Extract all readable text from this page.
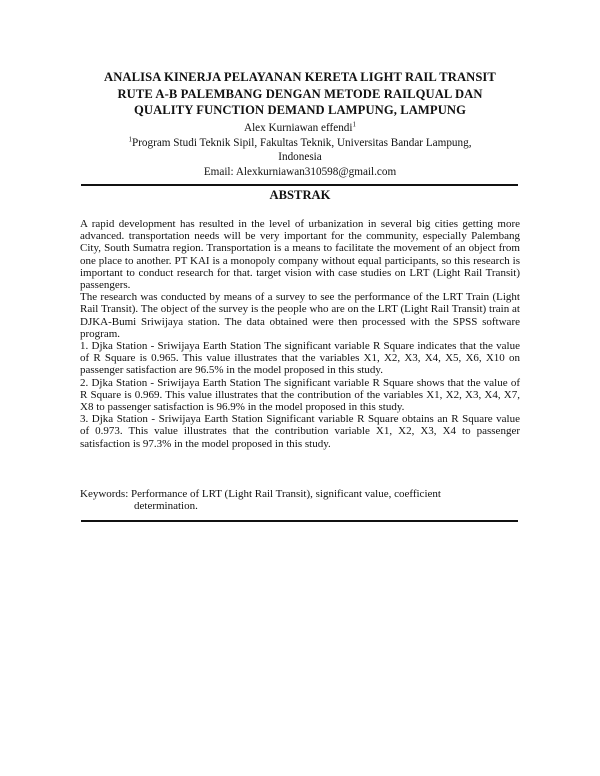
ANALISA KINERJA PELAYANAN KERETA LIGHT RAIL TRANSIT
RUTE A-B PALEMBANG DENGAN METODE RAILQUAL DAN
QUALITY FUNCTION DEMAND LAMPUNG, LAMPUNG
Alex Kurniawan effendi$^1$
$^1$Program Studi Teknik Sipil, Fakultas Teknik, Universitas Bandar Lampung,
Indonesia
Email: Alexkurniawan310598@gmail.com
ABSTRAK

A rapid development has resulted in the level of urbanization in several big cities getting more advanced. transportation needs will be very important for the community, especially Palembang City, South Sumatra region. Transportation is a means to facilitate the movement of an object from one place to another. PT KAI is a monopoly company without equal participants, so this research is important to conduct research for that. target vision with case studies on LRT (Light Rail Transit) passengers.

The research was conducted by means of a survey to see the performance of the LRT Train (Light Rail Transit). The object of the survey is the people who are on the LRT (Light Rail Transit) train at DJKA-Bumi Sriwijaya station. The data obtained were then processed with the SPSS software program.

1. Djka Station - Sriwijaya Earth Station The significant variable R Square indicates that the value of R Square is 0.965. This value illustrates that the variables X1, X2, X3, X4, X5, X6, X10 on passenger satisfaction are 96.5% in the model proposed in this study.

2. Djka Station - Sriwijaya Earth Station The significant variable R Square shows that the value of R Square is 0.969. This value illustrates that the contribution of the variables X1, X2, X3, X4, X7, X8 to passenger satisfaction is 96.9% in the model proposed in this study.

3. Djka Station - Sriwijaya Earth Station Significant variable R Square obtains an R Square value of 0.973. This value illustrates that the contribution variable X1, X2, X3, X4 to passenger satisfaction is 97.3% in the model proposed in this study.

Keywords: Performance of LRT (Light Rail Transit), significant value, coefficient
determination.
